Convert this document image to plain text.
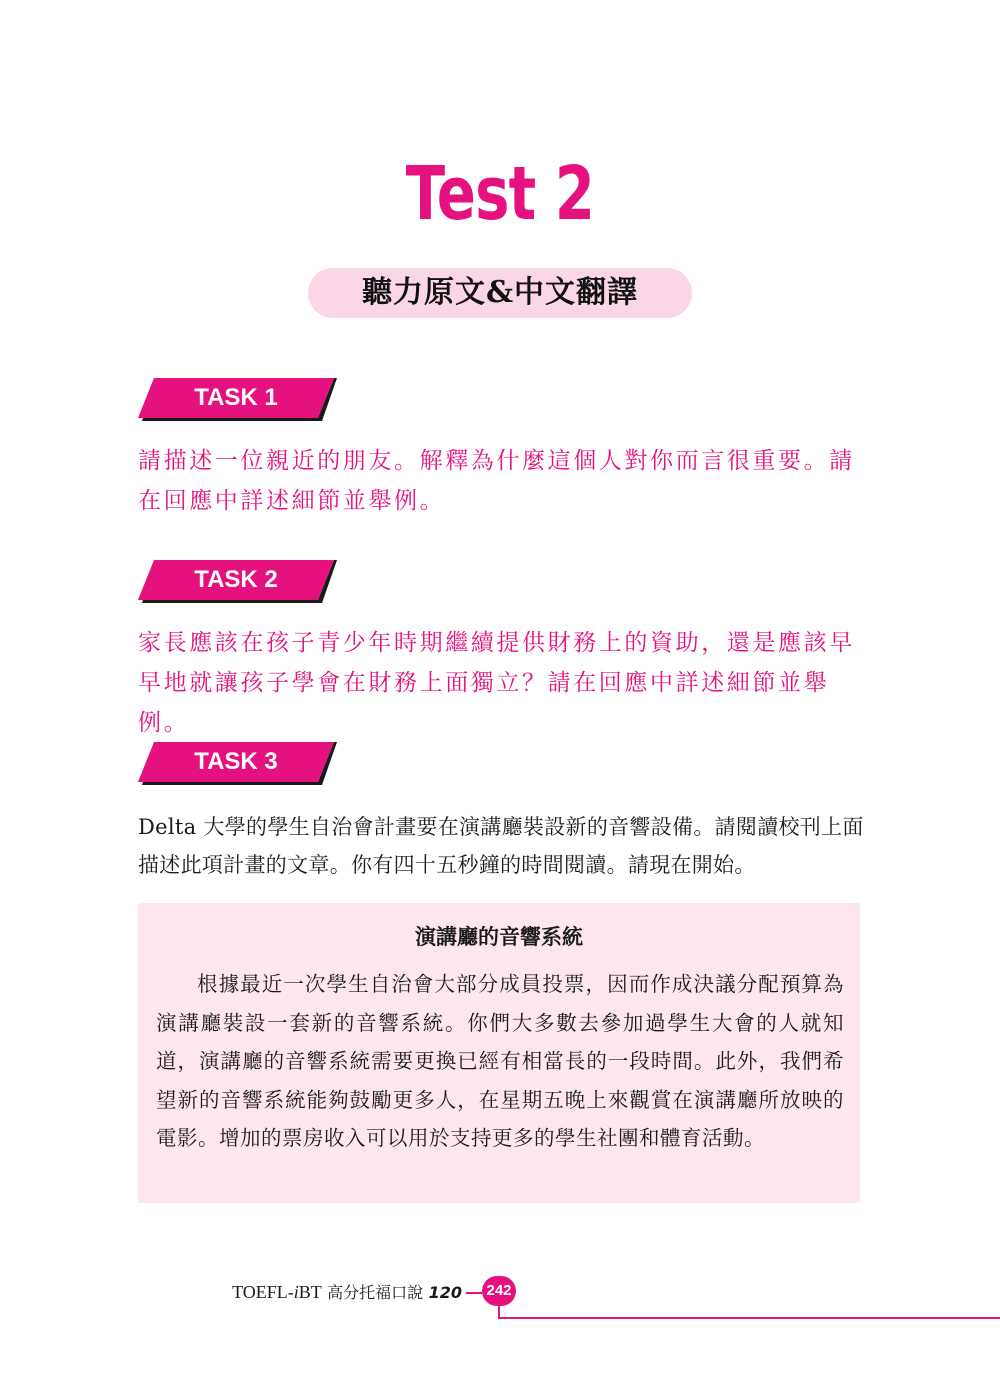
Test 2
聽力原文&中文翻譯
TASK 1
請描述一位親近的朋友。解釋為什麼這個人對你而言很重要。請在回應中詳述細節並舉例。
TASK 2
家長應該在孩子青少年時期繼續提供財務上的資助，還是應該早早地就讓孩子學會在財務上面獨立？請在回應中詳述細節並舉例。
TASK 3
Delta 大學的學生自治會計畫要在演講廳裝設新的音響設備。請閱讀校刊上面描述此項計畫的文章。你有四十五秒鐘的時間閱讀。請現在開始。
演講廳的音響系統
根據最近一次學生自治會大部分成員投票，因而作成決議分配預算為演講廳裝設一套新的音響系統。你們大多數去參加過學生大會的人就知道，演講廳的音響系統需要更換已經有相當長的一段時間。此外，我們希望新的音響系統能夠鼓勵更多人，在星期五晚上來觀賞在演講廳所放映的電影。增加的票房收入可以用於支持更多的學生社團和體育活動。
TOEFL-iBT 高分托福口說 120 242
